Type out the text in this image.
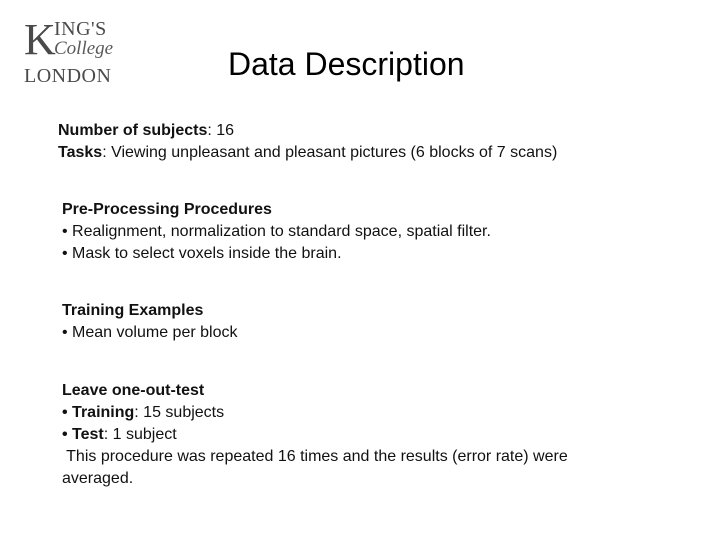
K
ING'S
College
LONDON	Data Description
Number of subjects: 16
Tasks: Viewing unpleasant and pleasant pictures (6 blocks of 7 scans)
Pre-Processing Procedures
• Realignment, normalization to standard space, spatial filter.
• Mask to select voxels inside the brain.
Training Examples
• Mean volume per block
Leave one-out-test
• Training: 15 subjects
• Test: 1 subject
This procedure was repeated 16 times and the results (error rate) were
averaged.
